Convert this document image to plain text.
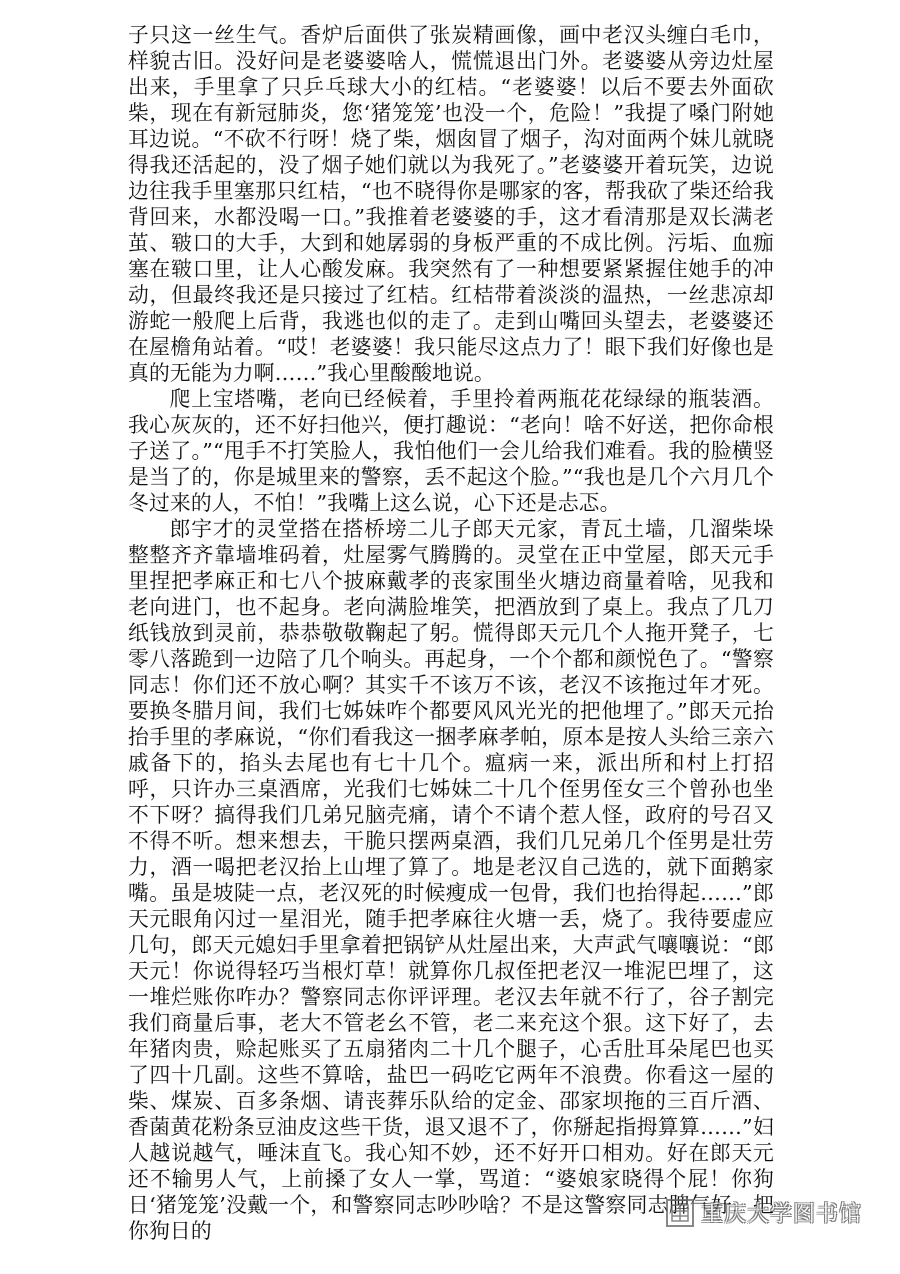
子只这一丝生气。香炉后面供了张炭精画像，画中老汉头缠白毛巾，样貌古旧。没好问是老婆婆啥人，慌慌退出门外。老婆婆从旁边灶屋出来，手里拿了只乒乓球大小的红桔。“老婆婆！以后不要去外面砍柴，现在有新冠肺炎，您‘猪笼笼’也没一个，危险！”我提了嗓门附她耳边说。“不砍不行呀！烧了柴，烟囱冒了烟子，沟对面两个妹儿就晓得我还活起的，没了烟子她们就以为我死了。”老婆婆开着玩笑，边说边往我手里塞那只红桔，“也不晓得你是哪家的客，帮我砍了柴还给我背回来，水都没喝一口。”我推着老婆婆的手，这才看清那是双长满老茧、皲口的大手，大到和她孱弱的身板严重的不成比例。污垢、血痂塞在皲口里，让人心酸发麻。我突然有了一种想要紧紧握住她手的冲动，但最终我还是只接过了红桔。红桔带着淡淡的温热，一丝悲凉却游蛇一般爬上后背，我逃也似的走了。走到山嘴回头望去，老婆婆还在屋檐角站着。“哎！老婆婆！我只能尽这点力了！眼下我们好像也是真的无能为力啊……”我心里酸酸地说。

爬上宝塔嘴，老向已经候着，手里拎着两瓶花花绿绿的瓶装酒。我心灰灰的，还不好扫他兴，便打趣说：“老向！啥不好送，把你命根子送了。”“甩手不打笑脸人，我怕他们一会儿给我们难看。我的脸横竖是当了的，你是城里来的警察，丢不起这个脸。”“我也是几个六月几个冬过来的人，不怕！”我嘴上这么说，心下还是忐忑。

郎宇才的灵堂搭在搭桥塝二儿子郎天元家，青瓦土墙，几溜柴垛整整齐齐靠墙堆码着，灶屋雾气腾腾的。灵堂在正中堂屋，郎天元手里捏把孝麻正和七八个披麻戴孝的丧家围坐火塘边商量着啥，见我和老向进门，也不起身。老向满脸堆笑，把酒放到了桌上。我点了几刀纸钱放到灵前，恭恭敬敬鞠起了躬。慌得郎天元几个人拖开凳子，七零八落跪到一边陪了几个响头。再起身，一个个都和颜悦色了。“警察同志！你们还不放心啊？其实千不该万不该，老汉不该拖过年才死。要换冬腊月间，我们七姊妹咋个都要风风光光的把他埋了。”郎天元抬抬手里的孝麻说，“你们看我这一捆孝麻孝帕，原本是按人头给三亲六戚备下的，掐头去尾也有七十几个。瘟病一来，派出所和村上打招呼，只许办三桌酒席，光我们七姊妹二十几个侄男侄女三个曾孙也坐不下呀？搞得我们几弟兄脑壳痛，请个不请个惹人怪，政府的号召又不得不听。想来想去，干脆只摆两桌酒，我们几兄弟几个侄男是壮劳力，酒一喝把老汉抬上山埋了算了。地是老汉自己选的，就下面鹅家嘴。虽是坡陡一点，老汉死的时候瘦成一包骨，我们也抬得起……”郎天元眼角闪过一星泪光，随手把孝麻往火塘一丢，烧了。我待要虚应几句，郎天元媳妇手里拿着把锅铲从灶屋出来，大声武气嚷嚷说：“郎天元！你说得轻巧当根灯草！就算你几叔侄把老汉一堆泥巴埋了，这一堆烂账你咋办？警察同志你评评理。老汉去年就不行了，谷子割完我们商量后事，老大不管老幺不管，老二来充这个狠。这下好了，去年猪肉贵，赊起账买了五扇猪肉二十几个腿子，心舌肚耳朵尾巴也买了四十几副。这些不算啥，盐巴一码吃它两年不浪费。你看这一屋的柴、煤炭、百多条烟、请丧葬乐队给的定金、邵家坝拖的三百斤酒、香菌黄花粉条豆油皮这些干货，退又退不了，你掰起指拇算算……”妇人越说越气，唾沫直飞。我心知不妙，还不好开口相劝。好在郎天元还不输男人气，上前搡了女人一掌，骂道：“婆娘家晓得个屁！你狗日‘猪笼笼’没戴一个，和警察同志吵吵啥？不是这警察同志脾气好，把你狗日的

重庆大学图书馆
